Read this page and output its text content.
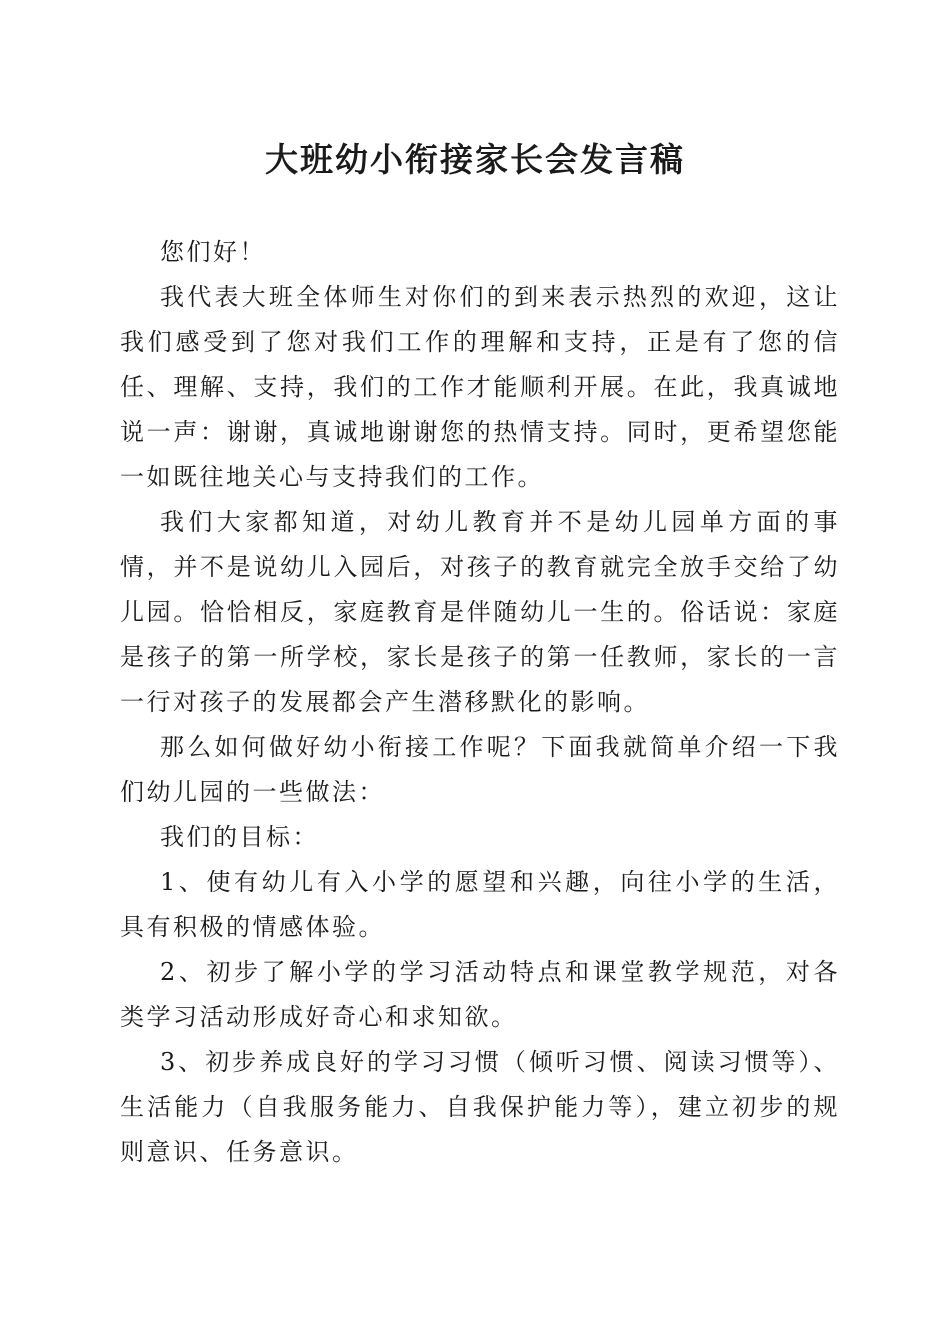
大班幼小衔接家长会发言稿

您们好！

我代表大班全体师生对你们的到来表示热烈的欢迎，这让我们感受到了您对我们工作的理解和支持，正是有了您的信任、理解、支持，我们的工作才能顺利开展。在此，我真诚地说一声：谢谢，真诚地谢谢您的热情支持。同时，更希望您能一如既往地关心与支持我们的工作。

我们大家都知道，对幼儿教育并不是幼儿园单方面的事情，并不是说幼儿入园后，对孩子的教育就完全放手交给了幼儿园。恰恰相反，家庭教育是伴随幼儿一生的。俗话说：家庭是孩子的第一所学校，家长是孩子的第一任教师，家长的一言一行对孩子的发展都会产生潜移默化的影响。

那么如何做好幼小衔接工作呢？下面我就简单介绍一下我们幼儿园的一些做法：

我们的目标：

1、使有幼儿有入小学的愿望和兴趣，向往小学的生活，具有积极的情感体验。

2、初步了解小学的学习活动特点和课堂教学规范，对各类学习活动形成好奇心和求知欲。

3、初步养成良好的学习习惯（倾听习惯、阅读习惯等）、生活能力（自我服务能力、自我保护能力等），建立初步的规则意识、任务意识。
